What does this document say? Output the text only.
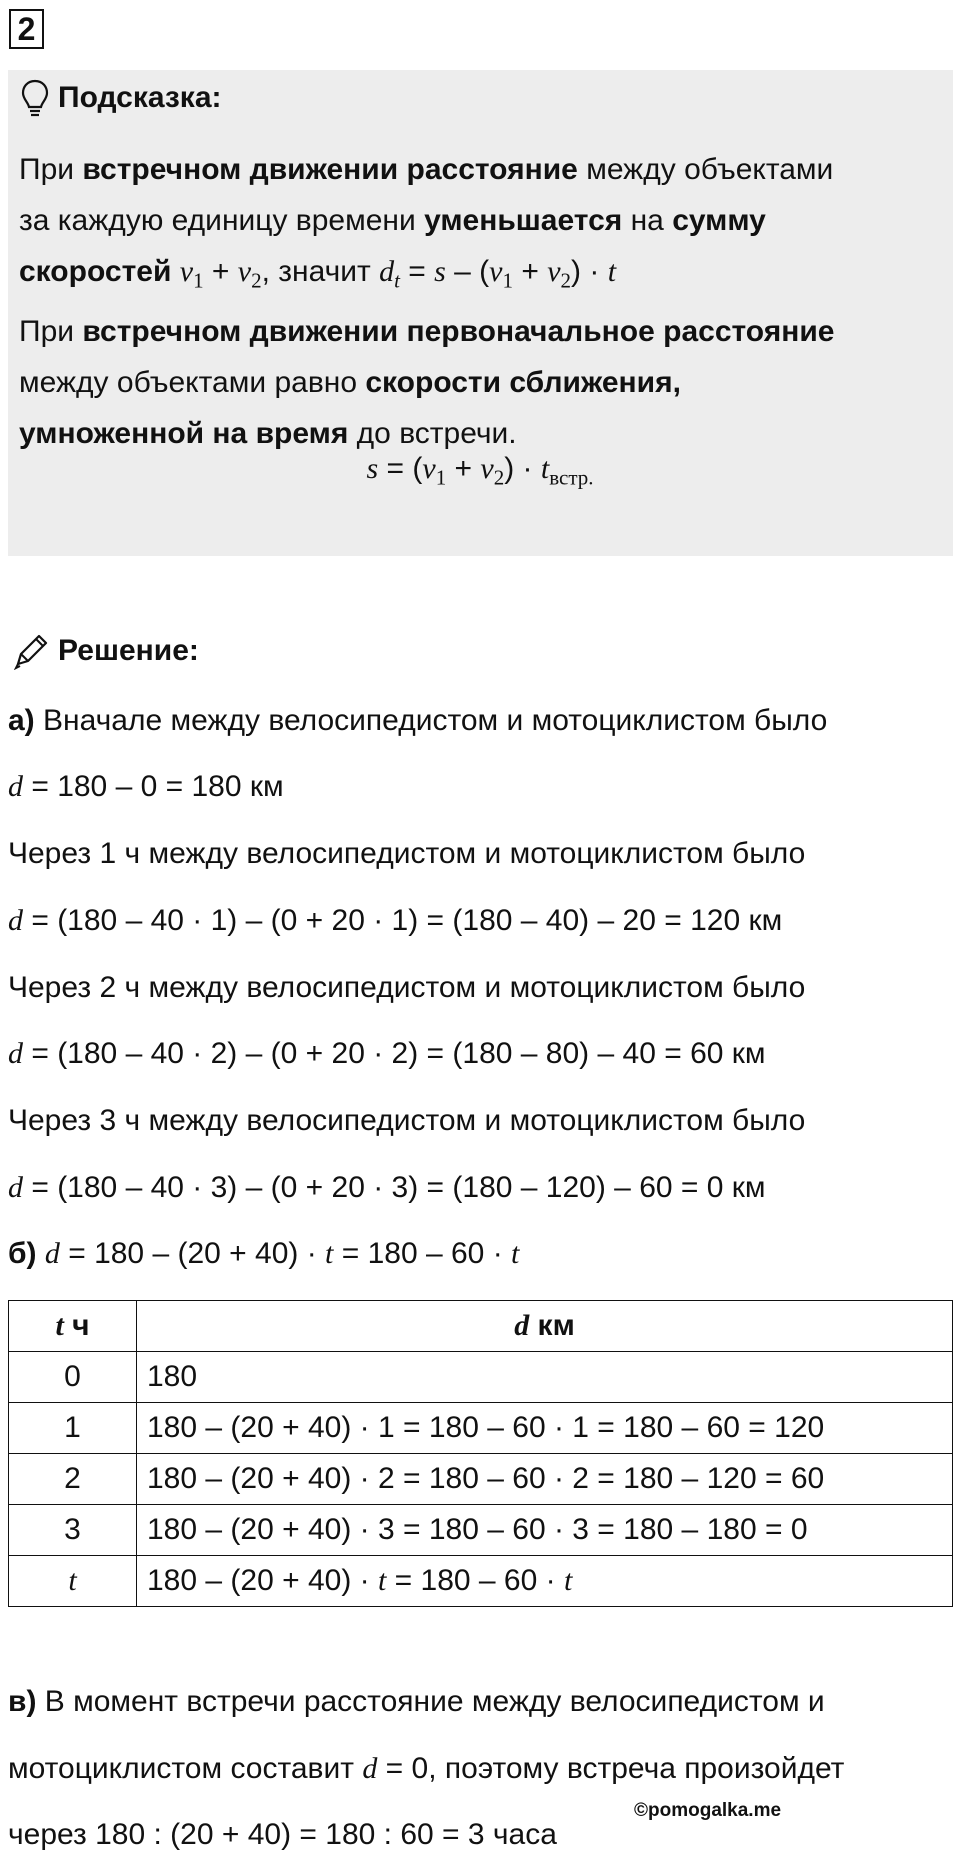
2
Подсказка:
При встречном движении расстояние между объектами
за каждую единицу времени уменьшается на сумму
скоростей $v_1 + v_2$, значит $d_t = s - (v_1 + v_2) \cdot t$
При встречном движении первоначальное расстояние
между объектами равно скорости сближения,
умноженной на время до встречи.
$s = (v_1 + v_2) \cdot t_{встр.}$
Решение:
а) Вначале между велосипедистом и мотоциклистом было
d = 180 – 0 = 180 км
Через 1 ч между велосипедистом и мотоциклистом было
d = (180 – 40 · 1) – (0 + 20 · 1) = (180 – 40) – 20 = 120 км
Через 2 ч между велосипедистом и мотоциклистом было
d = (180 – 40 · 2) – (0 + 20 · 2) = (180 – 80) – 40 = 60 км
Через 3 ч между велосипедистом и мотоциклистом было
d = (180 – 40 · 3) – (0 + 20 · 3) = (180 – 120) – 60 = 0 км
б) d = 180 – (20 + 40) · t = 180 – 60 · t
t ч	d км
0	180
1	180 – (20 + 40) · 1 = 180 – 60 · 1 = 180 – 60 = 120
2	180 – (20 + 40) · 2 = 180 – 60 · 2 = 180 – 120 = 60
3	180 – (20 + 40) · 3 = 180 – 60 · 3 = 180 – 180 = 0
t	180 – (20 + 40) · t = 180 – 60 · t
в) В момент встречи расстояние между велосипедистом и
мотоциклистом составит d = 0, поэтому встреча произойдет
через 180 : (20 + 40) = 180 : 60 = 3 часа
©pomogalka.me
